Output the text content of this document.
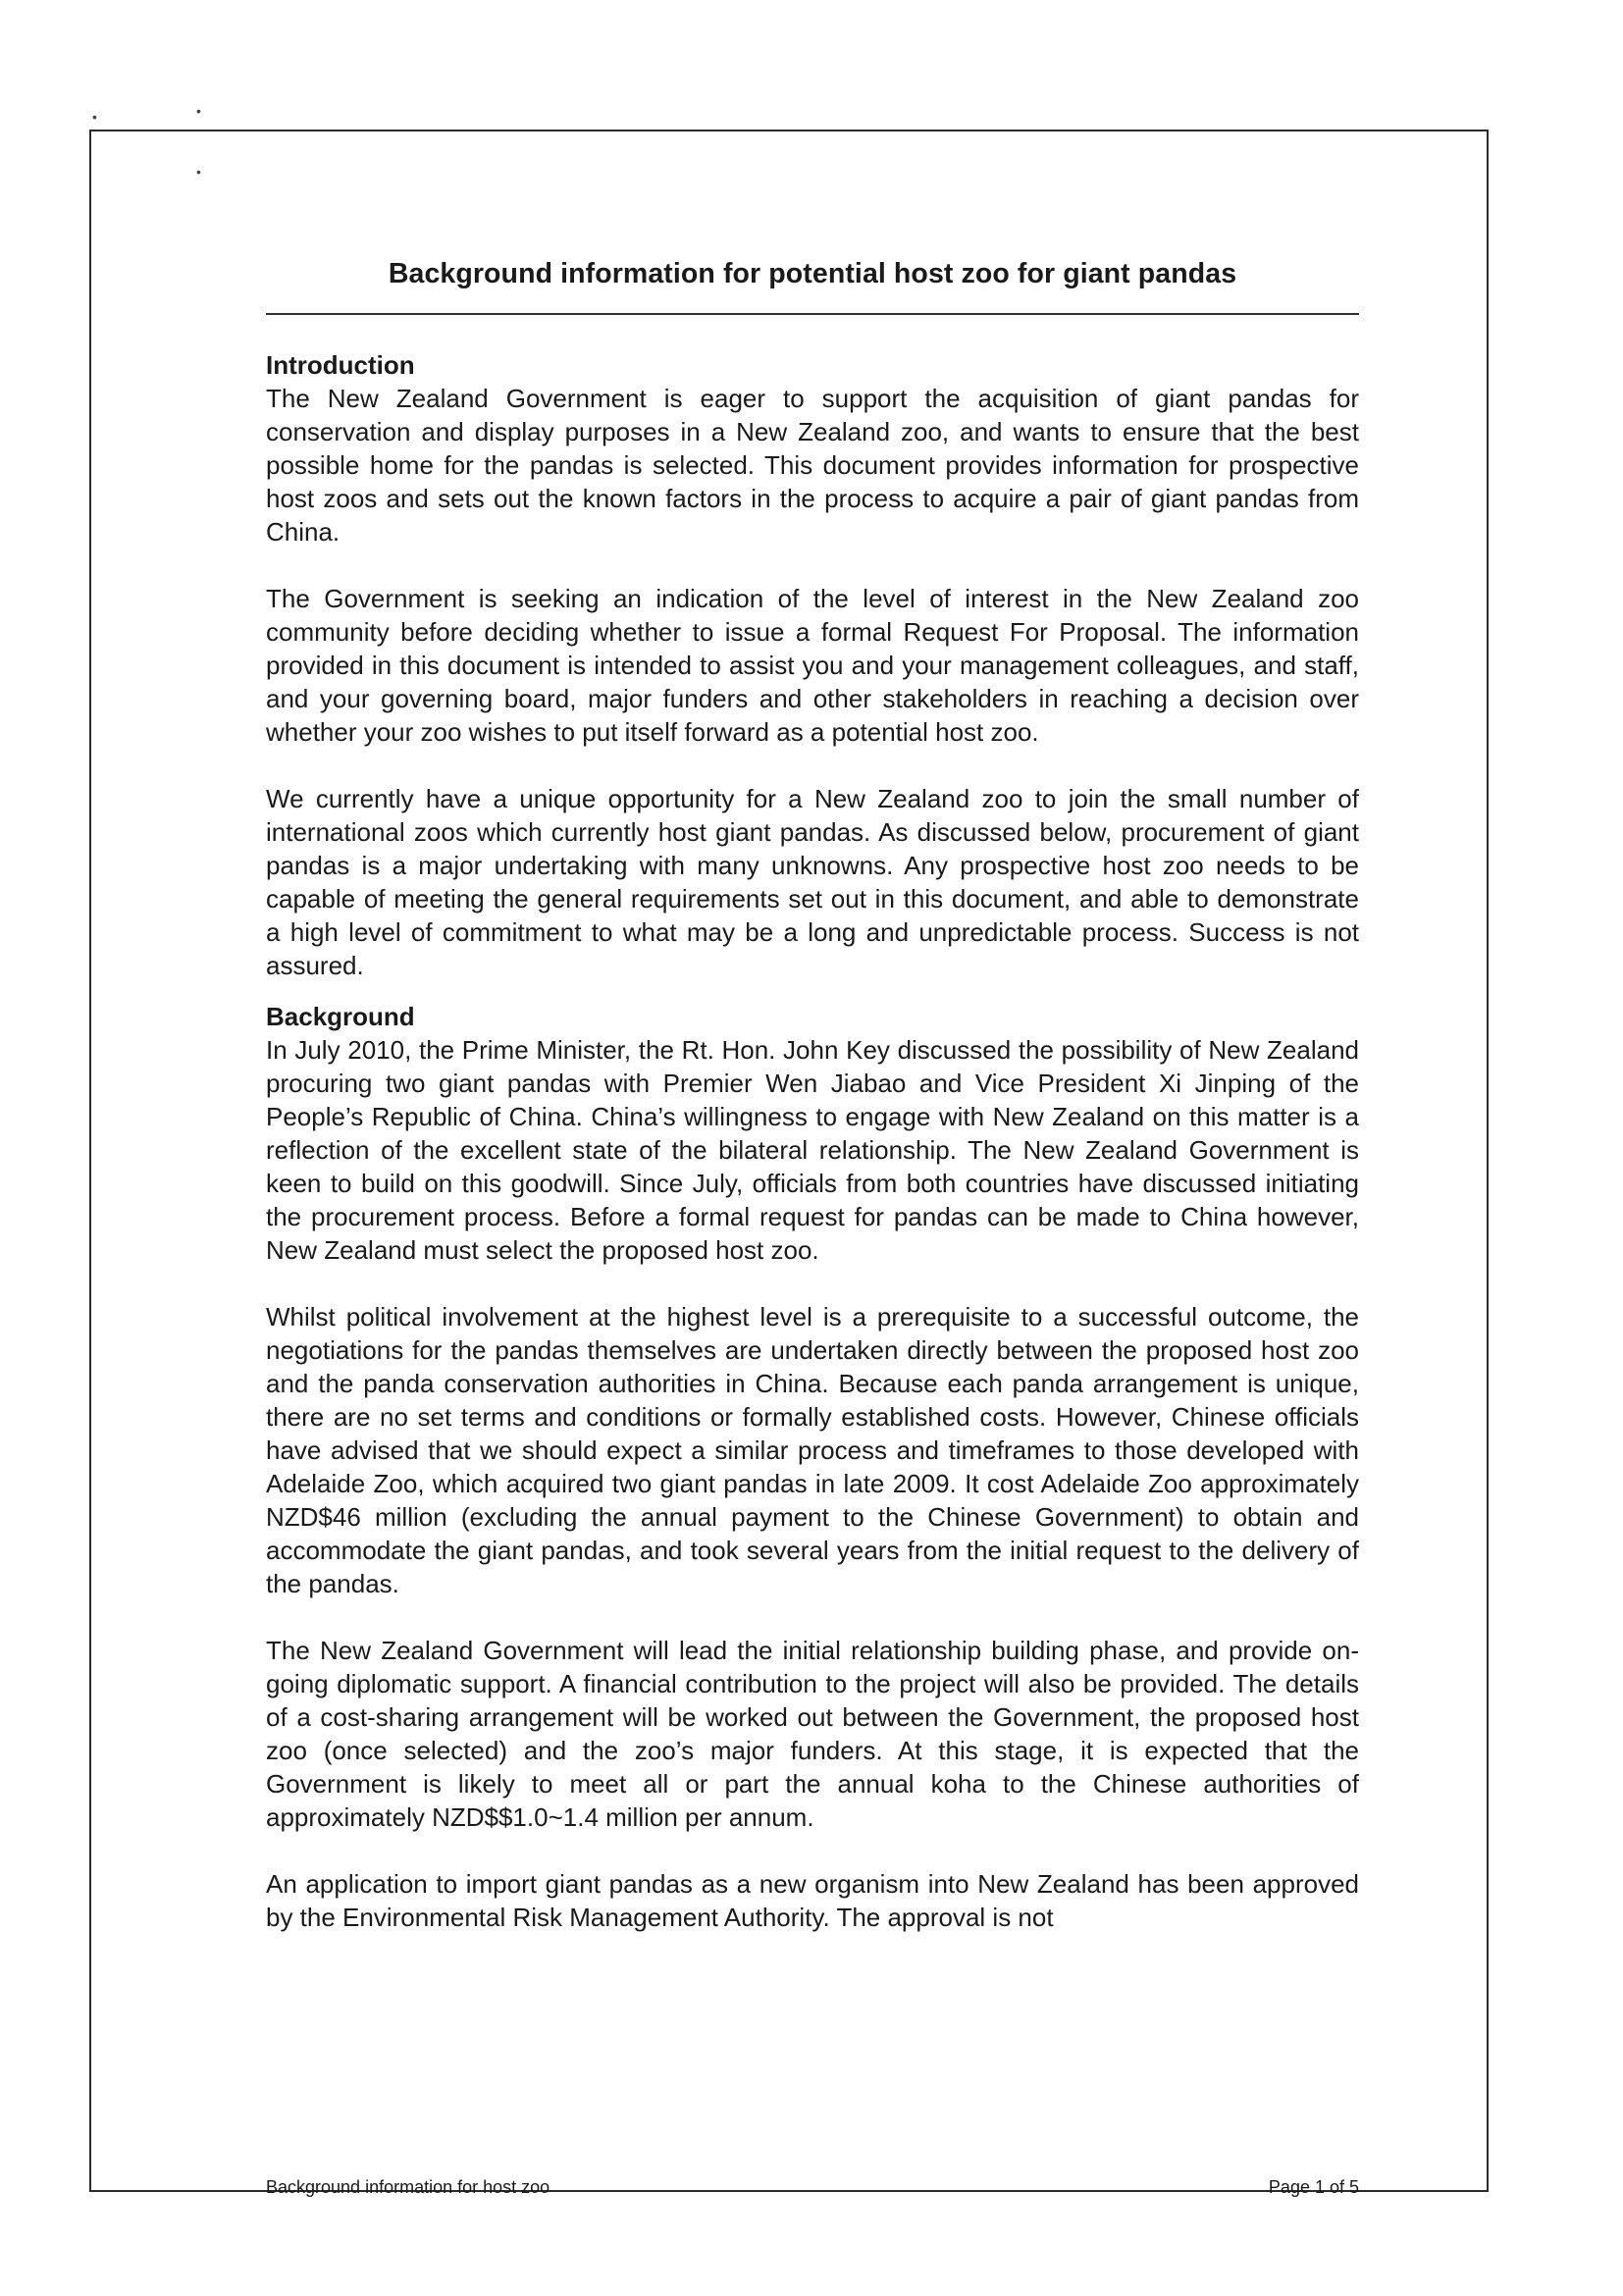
•
•
•
Background information for potential host zoo for giant pandas
Introduction

The New Zealand Government is eager to support the acquisition of giant pandas for conservation and display purposes in a New Zealand zoo, and wants to ensure that the best possible home for the pandas is selected. This document provides information for prospective host zoos and sets out the known factors in the process to acquire a pair of giant pandas from China.

The Government is seeking an indication of the level of interest in the New Zealand zoo community before deciding whether to issue a formal Request For Proposal. The information provided in this document is intended to assist you and your management colleagues, and staff, and your governing board, major funders and other stakeholders in reaching a decision over whether your zoo wishes to put itself forward as a potential host zoo.

We currently have a unique opportunity for a New Zealand zoo to join the small number of international zoos which currently host giant pandas. As discussed below, procurement of giant pandas is a major undertaking with many unknowns. Any prospective host zoo needs to be capable of meeting the general requirements set out in this document, and able to demonstrate a high level of commitment to what may be a long and unpredictable process. Success is not assured.

Background

In July 2010, the Prime Minister, the Rt. Hon. John Key discussed the possibility of New Zealand procuring two giant pandas with Premier Wen Jiabao and Vice President Xi Jinping of the People’s Republic of China. China’s willingness to engage with New Zealand on this matter is a reflection of the excellent state of the bilateral relationship. The New Zealand Government is keen to build on this goodwill. Since July, officials from both countries have discussed initiating the procurement process. Before a formal request for pandas can be made to China however, New Zealand must select the proposed host zoo.

Whilst political involvement at the highest level is a prerequisite to a successful outcome, the negotiations for the pandas themselves are undertaken directly between the proposed host zoo and the panda conservation authorities in China. Because each panda arrangement is unique, there are no set terms and conditions or formally established costs. However, Chinese officials have advised that we should expect a similar process and timeframes to those developed with Adelaide Zoo, which acquired two giant pandas in late 2009. It cost Adelaide Zoo approximately NZD$46 million (excluding the annual payment to the Chinese Government) to obtain and accommodate the giant pandas, and took several years from the initial request to the delivery of the pandas.

The New Zealand Government will lead the initial relationship building phase, and provide on-going diplomatic support. A financial contribution to the project will also be provided. The details of a cost-sharing arrangement will be worked out between the Government, the proposed host zoo (once selected) and the zoo’s major funders. At this stage, it is expected that the Government is likely to meet all or part the annual koha to the Chinese authorities of approximately NZD$$1.0~1.4 million per annum.

An application to import giant pandas as a new organism into New Zealand has been approved by the Environmental Risk Management Authority. The approval is not

Background information for host zoo	Page 1 of 5
